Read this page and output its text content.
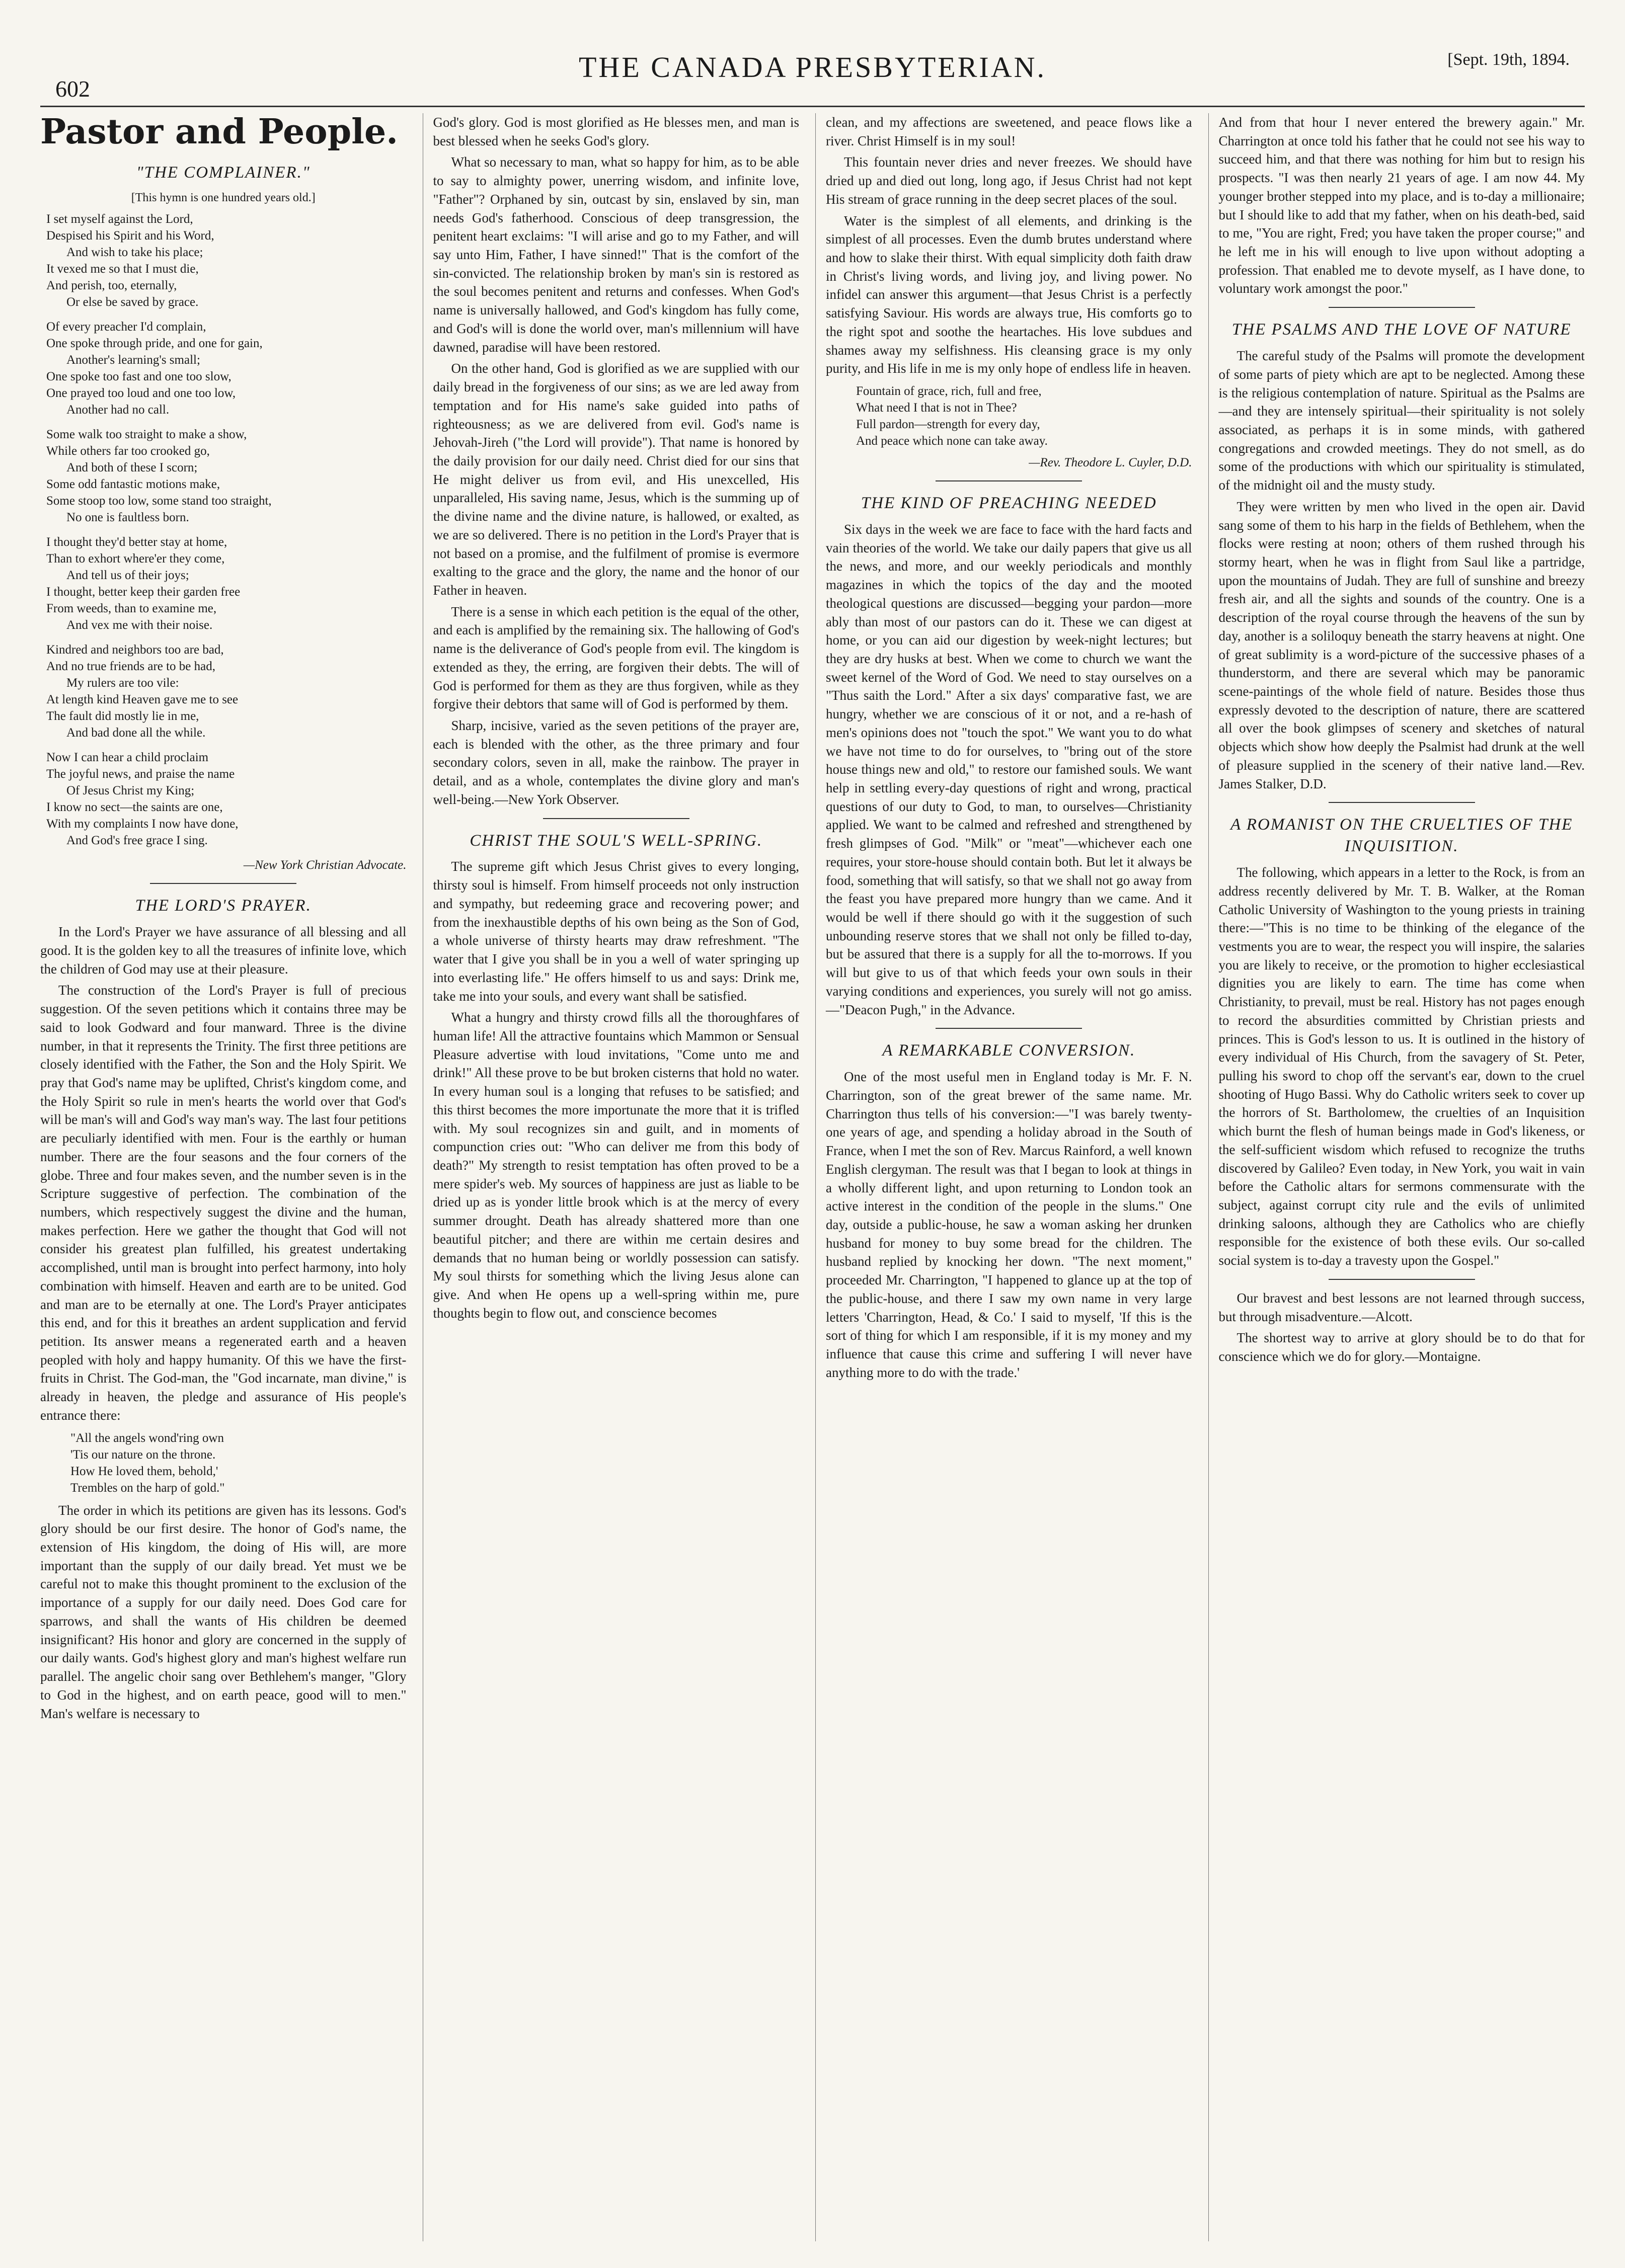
602
THE CANADA PRESBYTERIAN.	[Sept. 19th, 1894.
Pastor and People.
"THE COMPLAINER."
[This hymn is one hundred years old.]
I set myself against the Lord,
Despised his Spirit and his Word,
And wish to take his place;
It vexed me so that I must die,
And perish, too, eternally,
Or else be saved by grace.
Of every preacher I'd complain,
One spoke through pride, and one for gain,
Another's learning's small;
One spoke too fast and one too slow,
One prayed too loud and one too low,
Another had no call.
Some walk too straight to make a show,
While others far too crooked go,
And both of these I scorn;
Some odd fantastic motions make,
Some stoop too low, some stand too straight,
No one is faultless born.
I thought they'd better stay at home,
Than to exhort where'er they come,
And tell us of their joys;
I thought, better keep their garden free
From weeds, than to examine me,
And vex me with their noise.
Kindred and neighbors too are bad,
And no true friends are to be had,
My rulers are too vile:
At length kind Heaven gave me to see
The fault did mostly lie in me,
And bad done all the while.
Now I can hear a child proclaim
The joyful news, and praise the name
Of Jesus Christ my King;
I know no sect—the saints are one,
With my complaints I now have done,
And God's free grace I sing.
—New York Christian Advocate.
THE LORD'S PRAYER.

In the Lord's Prayer we have assurance of all blessing and all good. It is the golden key to all the treasures of infinite love, which the children of God may use at their pleasure.

The construction of the Lord's Prayer is full of precious suggestion. Of the seven petitions which it contains three may be said to look Godward and four manward. Three is the divine number, in that it represents the Trinity. The first three petitions are closely identified with the Father, the Son and the Holy Spirit. We pray that God's name may be uplifted, Christ's kingdom come, and the Holy Spirit so rule in men's hearts the world over that God's will be man's will and God's way man's way. The last four petitions are peculiarly identified with men. Four is the earthly or human number. There are the four seasons and the four corners of the globe. Three and four makes seven, and the number seven is in the Scripture suggestive of perfection. The combination of the numbers, which respectively suggest the divine and the human, makes perfection. Here we gather the thought that God will not consider his greatest plan fulfilled, his greatest undertaking accomplished, until man is brought into perfect harmony, into holy combination with himself. Heaven and earth are to be united. God and man are to be eternally at one. The Lord's Prayer anticipates this end, and for this it breathes an ardent supplication and fervid petition. Its answer means a regenerated earth and a heaven peopled with holy and happy humanity. Of this we have the first-fruits in Christ. The God-man, the "God incarnate, man divine," is already in heaven, the pledge and assurance of His people's entrance there:

"All the angels wond'ring own
'Tis our nature on the throne.
How He loved them, behold,'
Trembles on the harp of gold."

The order in which its petitions are given has its lessons. God's glory should be our first desire. The honor of God's name, the extension of His kingdom, the doing of His will, are more important than the supply of our daily bread. Yet must we be careful not to make this thought prominent to the exclusion of the importance of a supply for our daily need. Does God care for sparrows, and shall the wants of His children be deemed insignificant? His honor and glory are concerned in the supply of our daily wants. God's highest glory and man's highest welfare run parallel. The angelic choir sang over Bethlehem's manger, "Glory to God in the highest, and on earth peace, good will to men." Man's welfare is necessary to

God's glory. God is most glorified as He blesses men, and man is best blessed when he seeks God's glory.

What so necessary to man, what so happy for him, as to be able to say to almighty power, unerring wisdom, and infinite love, "Father"? Orphaned by sin, outcast by sin, enslaved by sin, man needs God's fatherhood. Conscious of deep transgression, the penitent heart exclaims: "I will arise and go to my Father, and will say unto Him, Father, I have sinned!" That is the comfort of the sin-convicted. The relationship broken by man's sin is restored as the soul becomes penitent and returns and confesses. When God's name is universally hallowed, and God's kingdom has fully come, and God's will is done the world over, man's millennium will have dawned, paradise will have been restored.

On the other hand, God is glorified as we are supplied with our daily bread in the forgiveness of our sins; as we are led away from temptation and for His name's sake guided into paths of righteousness; as we are delivered from evil. God's name is Jehovah-Jireh ("the Lord will provide"). That name is honored by the daily provision for our daily need. Christ died for our sins that He might deliver us from evil, and His unexcelled, His unparalleled, His saving name, Jesus, which is the summing up of the divine name and the divine nature, is hallowed, or exalted, as we are so delivered. There is no petition in the Lord's Prayer that is not based on a promise, and the fulfilment of promise is evermore exalting to the grace and the glory, the name and the honor of our Father in heaven.

There is a sense in which each petition is the equal of the other, and each is amplified by the remaining six. The hallowing of God's name is the deliverance of God's people from evil. The kingdom is extended as they, the erring, are forgiven their debts. The will of God is performed for them as they are thus forgiven, while as they forgive their debtors that same will of God is performed by them.

Sharp, incisive, varied as the seven petitions of the prayer are, each is blended with the other, as the three primary and four secondary colors, seven in all, make the rainbow. The prayer in detail, and as a whole, contemplates the divine glory and man's well-being.—New York Observer.

CHRIST THE SOUL'S WELL-SPRING.

The supreme gift which Jesus Christ gives to every longing, thirsty soul is himself. From himself proceeds not only instruction and sympathy, but redeeming grace and recovering power; and from the inexhaustible depths of his own being as the Son of God, a whole universe of thirsty hearts may draw refreshment. "The water that I give you shall be in you a well of water springing up into everlasting life." He offers himself to us and says: Drink me, take me into your souls, and every want shall be satisfied.

What a hungry and thirsty crowd fills all the thoroughfares of human life! All the attractive fountains which Mammon or Sensual Pleasure advertise with loud invitations, "Come unto me and drink!" All these prove to be but broken cisterns that hold no water. In every human soul is a longing that refuses to be satisfied; and this thirst becomes the more importunate the more that it is trifled with. My soul recognizes sin and guilt, and in moments of compunction cries out: "Who can deliver me from this body of death?" My strength to resist temptation has often proved to be a mere spider's web. My sources of happiness are just as liable to be dried up as is yonder little brook which is at the mercy of every summer drought. Death has already shattered more than one beautiful pitcher; and there are within me certain desires and demands that no human being or worldly possession can satisfy. My soul thirsts for something which the living Jesus alone can give. And when He opens up a well-spring within me, pure thoughts begin to flow out, and conscience becomes

clean, and my affections are sweetened, and peace flows like a river. Christ Himself is in my soul!

This fountain never dries and never freezes. We should have dried up and died out long, long ago, if Jesus Christ had not kept His stream of grace running in the deep secret places of the soul.

Water is the simplest of all elements, and drinking is the simplest of all processes. Even the dumb brutes understand where and how to slake their thirst. With equal simplicity doth faith draw in Christ's living words, and living joy, and living power. No infidel can answer this argument—that Jesus Christ is a perfectly satisfying Saviour. His words are always true, His comforts go to the right spot and soothe the heartaches. His love subdues and shames away my selfishness. His cleansing grace is my only purity, and His life in me is my only hope of endless life in heaven.

Fountain of grace, rich, full and free,
What need I that is not in Thee?
Full pardon—strength for every day,
And peace which none can take away.
—Rev. Theodore L. Cuyler, D.D.
THE KIND OF PREACHING NEEDED

Six days in the week we are face to face with the hard facts and vain theories of the world. We take our daily papers that give us all the news, and more, and our weekly periodicals and monthly magazines in which the topics of the day and the mooted theological questions are discussed—begging your pardon—more ably than most of our pastors can do it. These we can digest at home, or you can aid our digestion by week-night lectures; but they are dry husks at best. When we come to church we want the sweet kernel of the Word of God. We need to stay ourselves on a "Thus saith the Lord." After a six days' comparative fast, we are hungry, whether we are conscious of it or not, and a re-hash of men's opinions does not "touch the spot." We want you to do what we have not time to do for ourselves, to "bring out of the store house things new and old," to restore our famished souls. We want help in settling every-day questions of right and wrong, practical questions of our duty to God, to man, to ourselves—Christianity applied. We want to be calmed and refreshed and strengthened by fresh glimpses of God. "Milk" or "meat"—whichever each one requires, your store-house should contain both. But let it always be food, something that will satisfy, so that we shall not go away from the feast you have prepared more hungry than we came. And it would be well if there should go with it the suggestion of such unbounding reserve stores that we shall not only be filled to-day, but be assured that there is a supply for all the to-morrows. If you will but give to us of that which feeds your own souls in their varying conditions and experiences, you surely will not go amiss.—"Deacon Pugh," in the Advance.

A REMARKABLE CONVERSION.

One of the most useful men in England today is Mr. F. N. Charrington, son of the great brewer of the same name. Mr. Charrington thus tells of his conversion:—"I was barely twenty-one years of age, and spending a holiday abroad in the South of France, when I met the son of Rev. Marcus Rainford, a well known English clergyman. The result was that I began to look at things in a wholly different light, and upon returning to London took an active interest in the condition of the people in the slums." One day, outside a public-house, he saw a woman asking her drunken husband for money to buy some bread for the children. The husband replied by knocking her down. "The next moment," proceeded Mr. Charrington, "I happened to glance up at the top of the public-house, and there I saw my own name in very large letters 'Charrington, Head, & Co.' I said to myself, 'If this is the sort of thing for which I am responsible, if it is my money and my influence that cause this crime and suffering I will never have anything more to do with the trade.'

And from that hour I never entered the brewery again." Mr. Charrington at once told his father that he could not see his way to succeed him, and that there was nothing for him but to resign his prospects. "I was then nearly 21 years of age. I am now 44. My younger brother stepped into my place, and is to-day a millionaire; but I should like to add that my father, when on his death-bed, said to me, "You are right, Fred; you have taken the proper course;" and he left me in his will enough to live upon without adopting a profession. That enabled me to devote myself, as I have done, to voluntary work amongst the poor."

THE PSALMS AND THE LOVE OF NATURE

The careful study of the Psalms will promote the development of some parts of piety which are apt to be neglected. Among these is the religious contemplation of nature. Spiritual as the Psalms are—and they are intensely spiritual—their spirituality is not solely associated, as perhaps it is in some minds, with gathered congregations and crowded meetings. They do not smell, as do some of the productions with which our spirituality is stimulated, of the midnight oil and the musty study.

They were written by men who lived in the open air. David sang some of them to his harp in the fields of Bethlehem, when the flocks were resting at noon; others of them rushed through his stormy heart, when he was in flight from Saul like a partridge, upon the mountains of Judah. They are full of sunshine and breezy fresh air, and all the sights and sounds of the country. One is a description of the royal course through the heavens of the sun by day, another is a soliloquy beneath the starry heavens at night. One of great sublimity is a word-picture of the successive phases of a thunderstorm, and there are several which may be panoramic scene-paintings of the whole field of nature. Besides those thus expressly devoted to the description of nature, there are scattered all over the book glimpses of scenery and sketches of natural objects which show how deeply the Psalmist had drunk at the well of pleasure supplied in the scenery of their native land.—Rev. James Stalker, D.D.

A ROMANIST ON THE CRUELTIES OF THE INQUISITION.

The following, which appears in a letter to the Rock, is from an address recently delivered by Mr. T. B. Walker, at the Roman Catholic University of Washington to the young priests in training there:—"This is no time to be thinking of the elegance of the vestments you are to wear, the respect you will inspire, the salaries you are likely to receive, or the promotion to higher ecclesiastical dignities you are likely to earn. The time has come when Christianity, to prevail, must be real. History has not pages enough to record the absurdities committed by Christian priests and princes. This is God's lesson to us. It is outlined in the history of every individual of His Church, from the savagery of St. Peter, pulling his sword to chop off the servant's ear, down to the cruel shooting of Hugo Bassi. Why do Catholic writers seek to cover up the horrors of St. Bartholomew, the cruelties of an Inquisition which burnt the flesh of human beings made in God's likeness, or the self-sufficient wisdom which refused to recognize the truths discovered by Galileo? Even today, in New York, you wait in vain before the Catholic altars for sermons commensurate with the subject, against corrupt city rule and the evils of unlimited drinking saloons, although they are Catholics who are chiefly responsible for the existence of both these evils. Our so-called social system is to-day a travesty upon the Gospel."

Our bravest and best lessons are not learned through success, but through misadventure.—Alcott.

The shortest way to arrive at glory should be to do that for conscience which we do for glory.—Montaigne.
